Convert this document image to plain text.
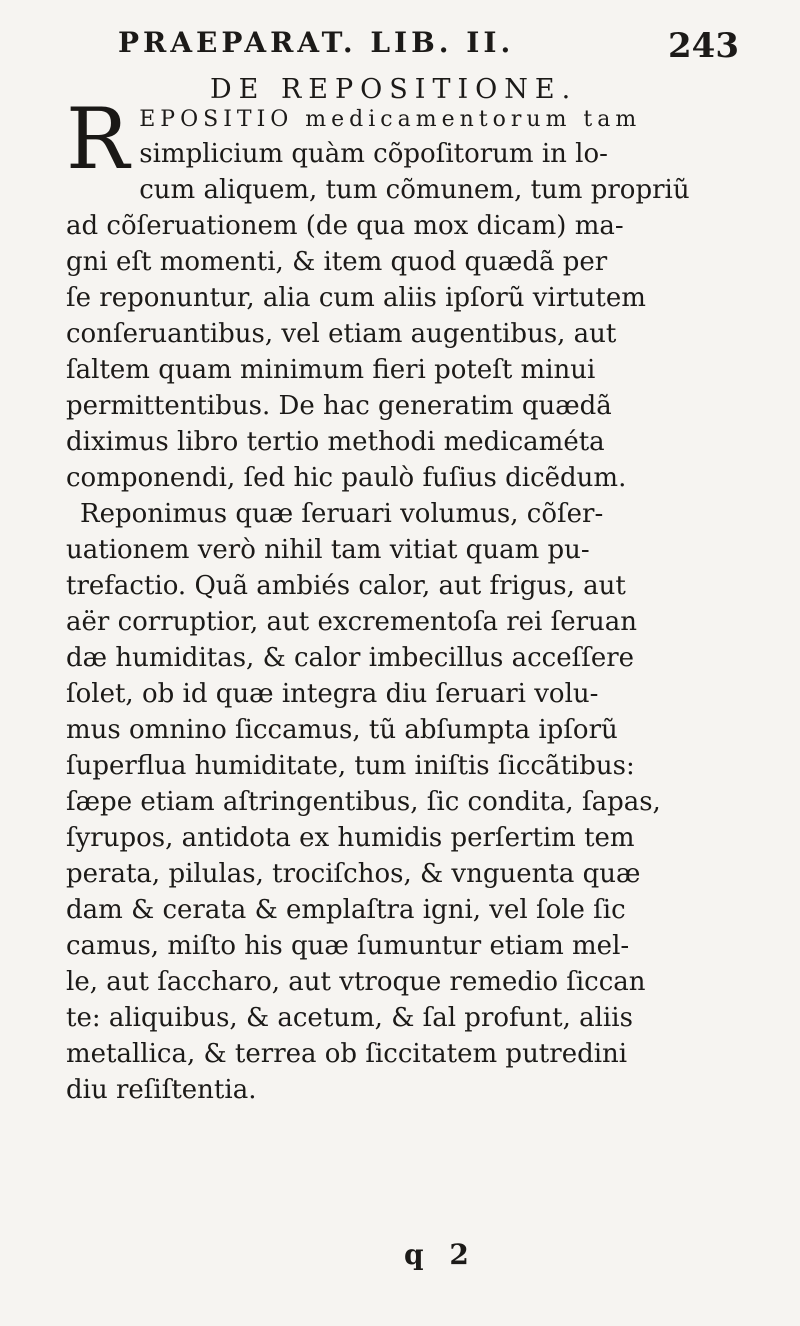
PRAEPARAT. LIB. II.	243
DE REPOSITIONE.
R EPOSITIO medicamentorum tam
simplicium quàm cõpoſitorum in lo-
cum aliquem, tum cõmunem, tum propriũ
ad cõſeruationem (de qua mox dicam) ma-
gni eſt momenti, & item quod quædã per
ſe reponuntur, alia cum aliis ipſorũ virtutem
conſeruantibus, vel etiam augentibus, aut
ſaltem quam minimum fieri poteſt minui
permittentibus. De hac generatim quædã
diximus libro tertio methodi medicaméta
componendi, ſed hic paulò fuſius dicẽdum.
Reponimus quæ ſeruari volumus, cõſer-
uationem verò nihil tam vitiat quam pu-
trefactio. Quã ambiés calor, aut frigus, aut
aër corruptior, aut excrementoſa rei ſeruan
dæ humiditas, & calor imbecillus acceſſere
ſolet, ob id quæ integra diu ſeruari volu-
mus omnino ſiccamus, tũ abſumpta ipſorũ
ſuperflua humiditate, tum iniſtis ſiccãtibus:
ſæpe etiam aſtringentibus, ſic condita, ſapas,
ſyrupos, antidota ex humidis perſertim tem
perata, pilulas, trociſchos, & vnguenta quæ
dam & cerata & emplaſtra igni, vel ſole ſic
camus, miſto his quæ ſumuntur etiam mel-
le, aut ſaccharo, aut vtroque remedio ſiccan
te: aliquibus, & acetum, & ſal profunt, aliis
metallica, & terrea ob ſiccitatem putredini
diu reſiſtentia.
q 2
